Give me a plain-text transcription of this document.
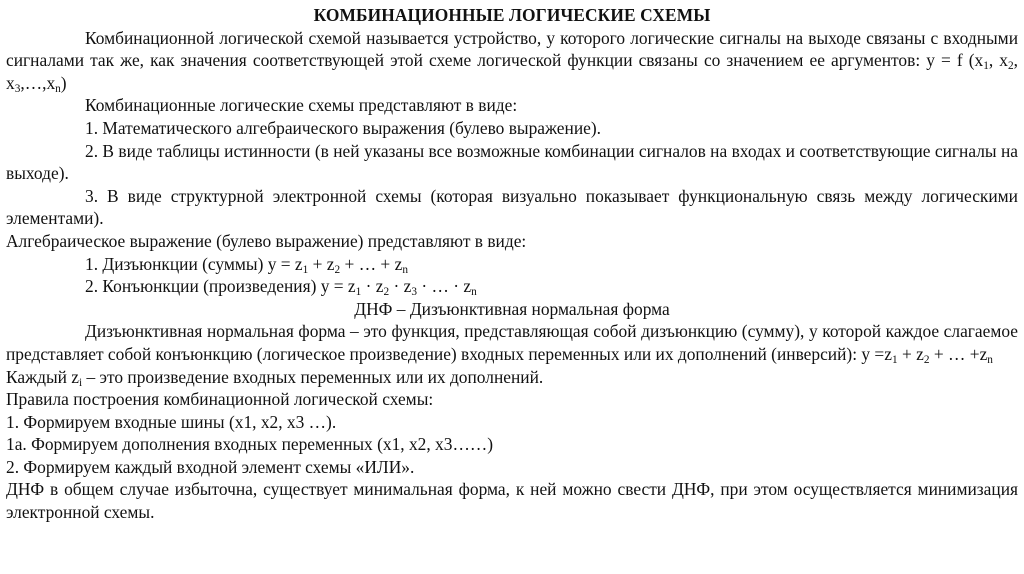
КОМБИНАЦИОННЫЕ ЛОГИЧЕСКИЕ СХЕМЫ

Комбинационной логической схемой называется устройство, у которого логические сигналы на выходе связаны с входными сигналами так же, как значения соответствующей этой схеме логической функции связаны со значением ее аргументов: y = f ($x_1$, $x_2$, $x_3,\dots,x_n$)

Комбинационные логические схемы представляют в виде:

1. Математического алгебраического выражения (булево выражение).

2. В виде таблицы истинности (в ней указаны все возможные комбинации сигналов на входах и соответствующие сигналы на выходе).

3. В виде структурной электронной схемы (которая визуально показывает функциональную связь между логическими элементами).

Алгебраическое выражение (булево выражение) представляют в виде:

1. Дизъюнкции (суммы) $y = z_1 + z_2$ + … + $z_n$

2. Конъюнкции (произведения) $y = z_1 \cdot z_2 \cdot z_3$ · … · $z_n$

ДНФ – Дизъюнктивная нормальная форма

Дизъюнктивная нормальная форма – это функция, представляющая собой дизъюнкцию (сумму), у которой каждое слагаемое представляет собой конъюнкцию (логическое произведение) входных переменных или их дополнений (инверсий): $y =z_1 + z_2$ + … $+z_n$

Каждый $z_i$ – это произведение входных переменных или их дополнений.

Правила построения комбинационной логической схемы:

1. Формируем входные шины (x1, x2, x3 …).

1а. Формируем дополнения входных переменных (x1, x2, x3……)

2. Формируем каждый входной элемент схемы «ИЛИ».

ДНФ в общем случае избыточна, существует минимальная форма, к ней можно свести ДНФ, при этом осуществляется минимизация электронной схемы.
